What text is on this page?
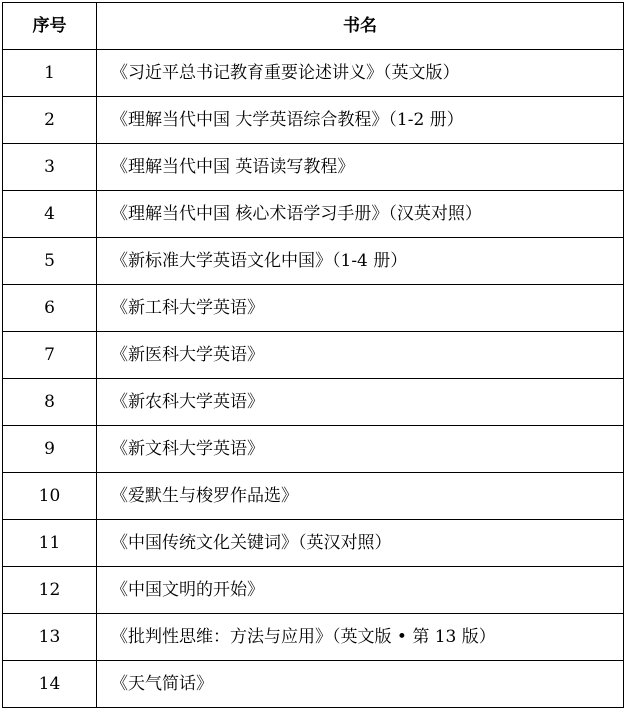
序号	书名
1	《习近平总书记教育重要论述讲义》（英文版）
2	《理解当代中国 大学英语综合教程》（1-2 册）
3	《理解当代中国 英语读写教程》
4	《理解当代中国 核心术语学习手册》（汉英对照）
5	《新标准大学英语文化中国》（1-4 册）
6	《新工科大学英语》
7	《新医科大学英语》
8	《新农科大学英语》
9	《新文科大学英语》
10	《爱默生与梭罗作品选》
11	《中国传统文化关键词》（英汉对照）
12	《中国文明的开始》
13	《批判性思维：方法与应用》（英文版 • 第 13 版）
14	《天气简话》
